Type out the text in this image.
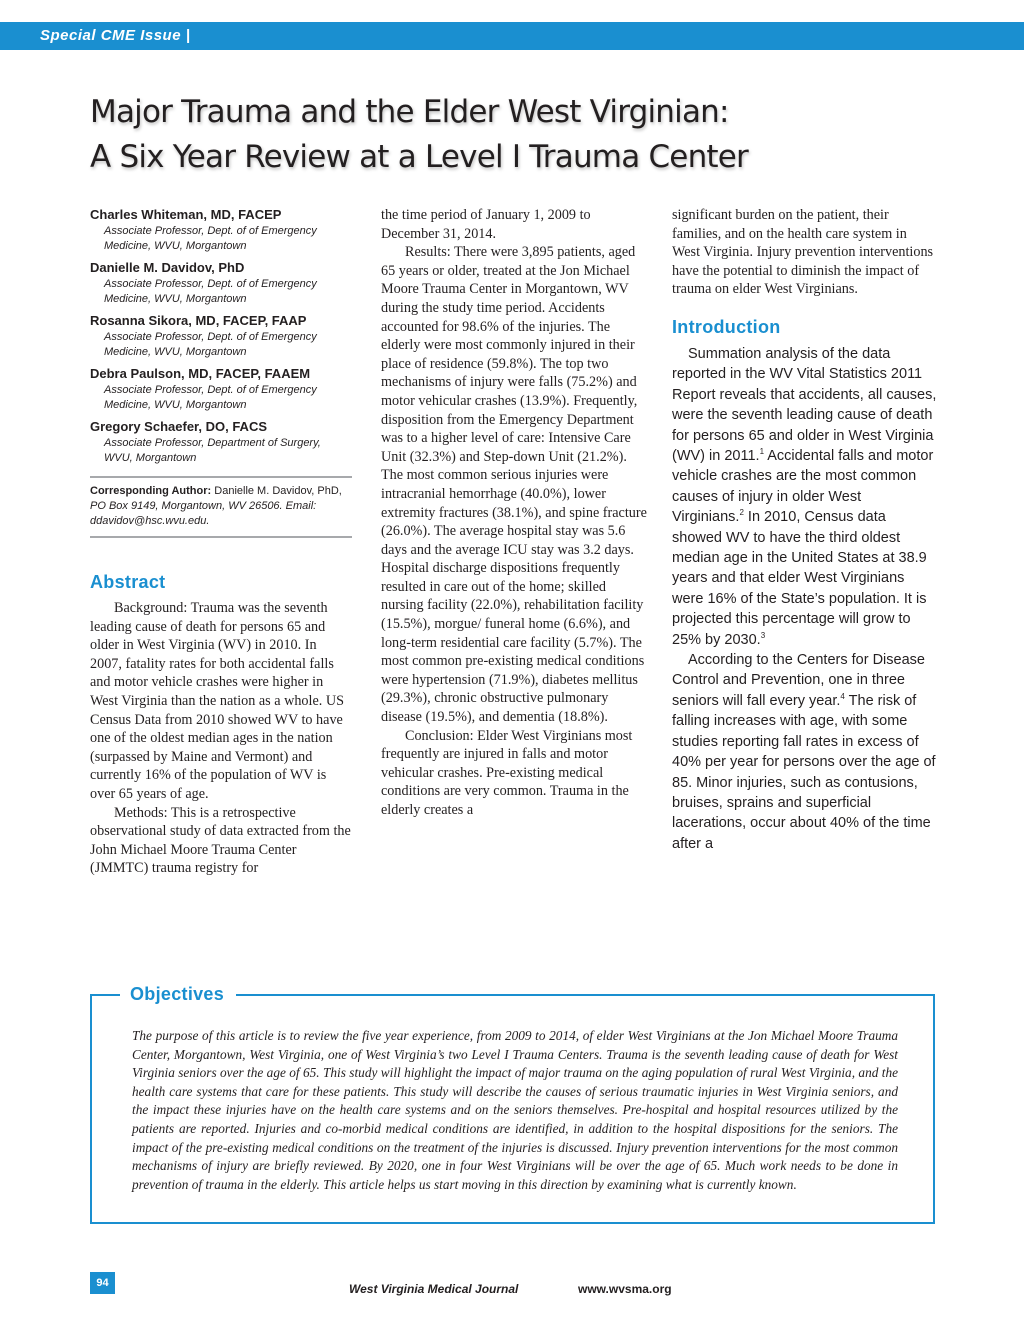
Special CME Issue |
Major Trauma and the Elder West Virginian:
A Six Year Review at a Level I Trauma Center
Charles Whiteman, MD, FACEP
Associate Professor, Dept. of of Emergency Medicine, WVU, Morgantown
Danielle M. Davidov, PhD
Associate Professor, Dept. of of Emergency Medicine, WVU, Morgantown
Rosanna Sikora, MD, FACEP, FAAP
Associate Professor, Dept. of of Emergency Medicine, WVU, Morgantown
Debra Paulson, MD, FACEP, FAAEM
Associate Professor, Dept. of of Emergency Medicine, WVU, Morgantown
Gregory Schaefer, DO, FACS
Associate Professor, Department of Surgery, WVU, Morgantown
Corresponding Author: Danielle M. Davidov, PhD, PO Box 9149, Morgantown, WV 26506. Email: ddavidov@hsc.wvu.edu.
Abstract

Background: Trauma was the seventh leading cause of death for persons 65 and older in West Virginia (WV) in 2010. In 2007, fatality rates for both accidental falls and motor vehicle crashes were higher in West Virginia than the nation as a whole. US Census Data from 2010 showed WV to have one of the oldest median ages in the nation (surpassed by Maine and Vermont) and currently 16% of the population of WV is over 65 years of age.

Methods: This is a retrospective observational study of data extracted from the John Michael Moore Trauma Center (JMMTC) trauma registry for

the time period of January 1, 2009 to December 31, 2014.

Results: There were 3,895 patients, aged 65 years or older, treated at the Jon Michael Moore Trauma Center in Morgantown, WV during the study time period. Accidents accounted for 98.6% of the injuries. The elderly were most commonly injured in their place of residence (59.8%). The top two mechanisms of injury were falls (75.2%) and motor vehicular crashes (13.9%). Frequently, disposition from the Emergency Department was to a higher level of care: Intensive Care Unit (32.3%) and Step-down Unit (21.2%). The most common serious injuries were intracranial hemorrhage (40.0%), lower extremity fractures (38.1%), and spine fracture (26.0%). The average hospital stay was 5.6 days and the average ICU stay was 3.2 days. Hospital discharge dispositions frequently resulted in care out of the home; skilled nursing facility (22.0%), rehabilitation facility (15.5%), morgue/ funeral home (6.6%), and long-term residential care facility (5.7%). The most common pre-existing medical conditions were hypertension (71.9%), diabetes mellitus (29.3%), chronic obstructive pulmonary disease (19.5%), and dementia (18.8%).

Conclusion: Elder West Virginians most frequently are injured in falls and motor vehicular crashes. Pre-existing medical conditions are very common. Trauma in the elderly creates a

significant burden on the patient, their families, and on the health care system in West Virginia. Injury prevention interventions have the potential to diminish the impact of trauma on elder West Virginians.

Introduction

Summation analysis of the data reported in the WV Vital Statistics 2011 Report reveals that accidents, all causes, were the seventh leading cause of death for persons 65 and older in West Virginia (WV) in 2011.$^1$ Accidental falls and motor vehicle crashes are the most common causes of injury in older West Virginians.$^2$ In 2010, Census data showed WV to have the third oldest median age in the United States at 38.9 years and that elder West Virginians were 16% of the State’s population. It is projected this percentage will grow to 25% by 2030.$^3$

According to the Centers for Disease Control and Prevention, one in three seniors will fall every year.$^4$ The risk of falling increases with age, with some studies reporting fall rates in excess of 40% per year for persons over the age of 85. Minor injuries, such as contusions, bruises, sprains and superficial lacerations, occur about 40% of the time after a

Objectives

The purpose of this article is to review the five year experience, from 2009 to 2014, of elder West Virginians at the Jon Michael Moore Trauma Center, Morgantown, West Virginia, one of West Virginia’s two Level I Trauma Centers. Trauma is the seventh leading cause of death for West Virginia seniors over the age of 65. This study will highlight the impact of major trauma on the aging population of rural West Virginia, and the health care systems that care for these patients. This study will describe the causes of serious traumatic injuries in West Virginia seniors, and the impact these injuries have on the health care systems and on the seniors themselves. Pre-hospital and hospital resources utilized by the patients are reported. Injuries and co-morbid medical conditions are identified, in addition to the hospital dispositions for the seniors. The impact of the pre-existing medical conditions on the treatment of the injuries is discussed. Injury prevention interventions for the most common mechanisms of injury are briefly reviewed. By 2020, one in four West Virginians will be over the age of 65. Much work needs to be done in prevention of trauma in the elderly. This article helps us start moving in this direction by examining what is currently known.

94	West Virginia Medical Journal	www.wvsma.org
